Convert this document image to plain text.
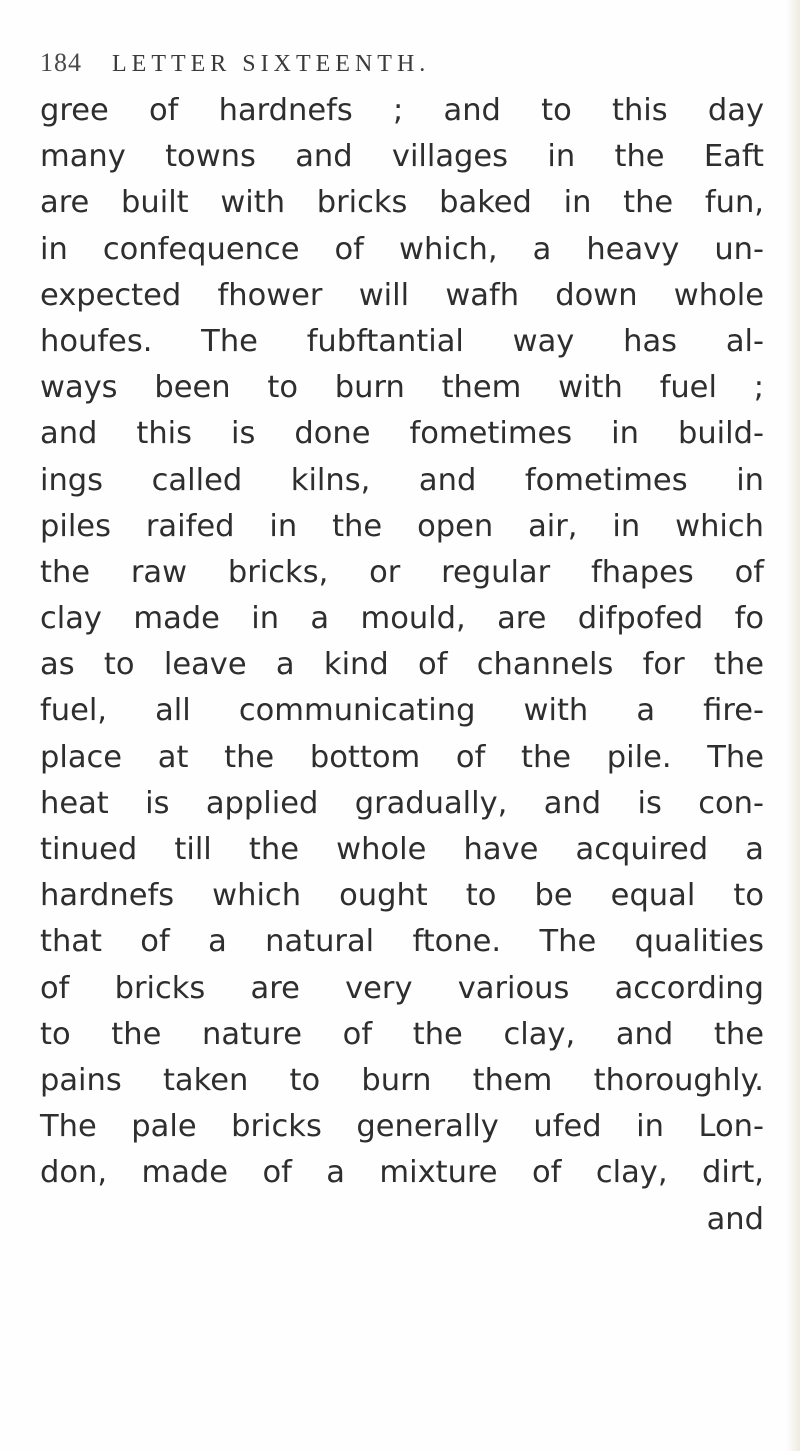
184 LETTER SIXTEENTH.
gree of hardnefs ; and to this day
many towns and villages in the Eaft
are built with bricks baked in the fun,
in confequence of which, a heavy un-
expected fhower will wafh down whole
houfes. The fubftantial way has al-
ways been to burn them with fuel ;
and this is done fometimes in build-
ings called kilns, and fometimes in
piles raifed in the open air, in which
the raw bricks, or regular fhapes of
clay made in a mould, are difpofed fo
as to leave a kind of channels for the
fuel, all communicating with a fire-
place at the bottom of the pile. The
heat is applied gradually, and is con-
tinued till the whole have acquired a
hardnefs which ought to be equal to
that of a natural ftone. The qualities
of bricks are very various according
to the nature of the clay, and the
pains taken to burn them thoroughly.
The pale bricks generally ufed in Lon-
don, made of a mixture of clay, dirt,
and
